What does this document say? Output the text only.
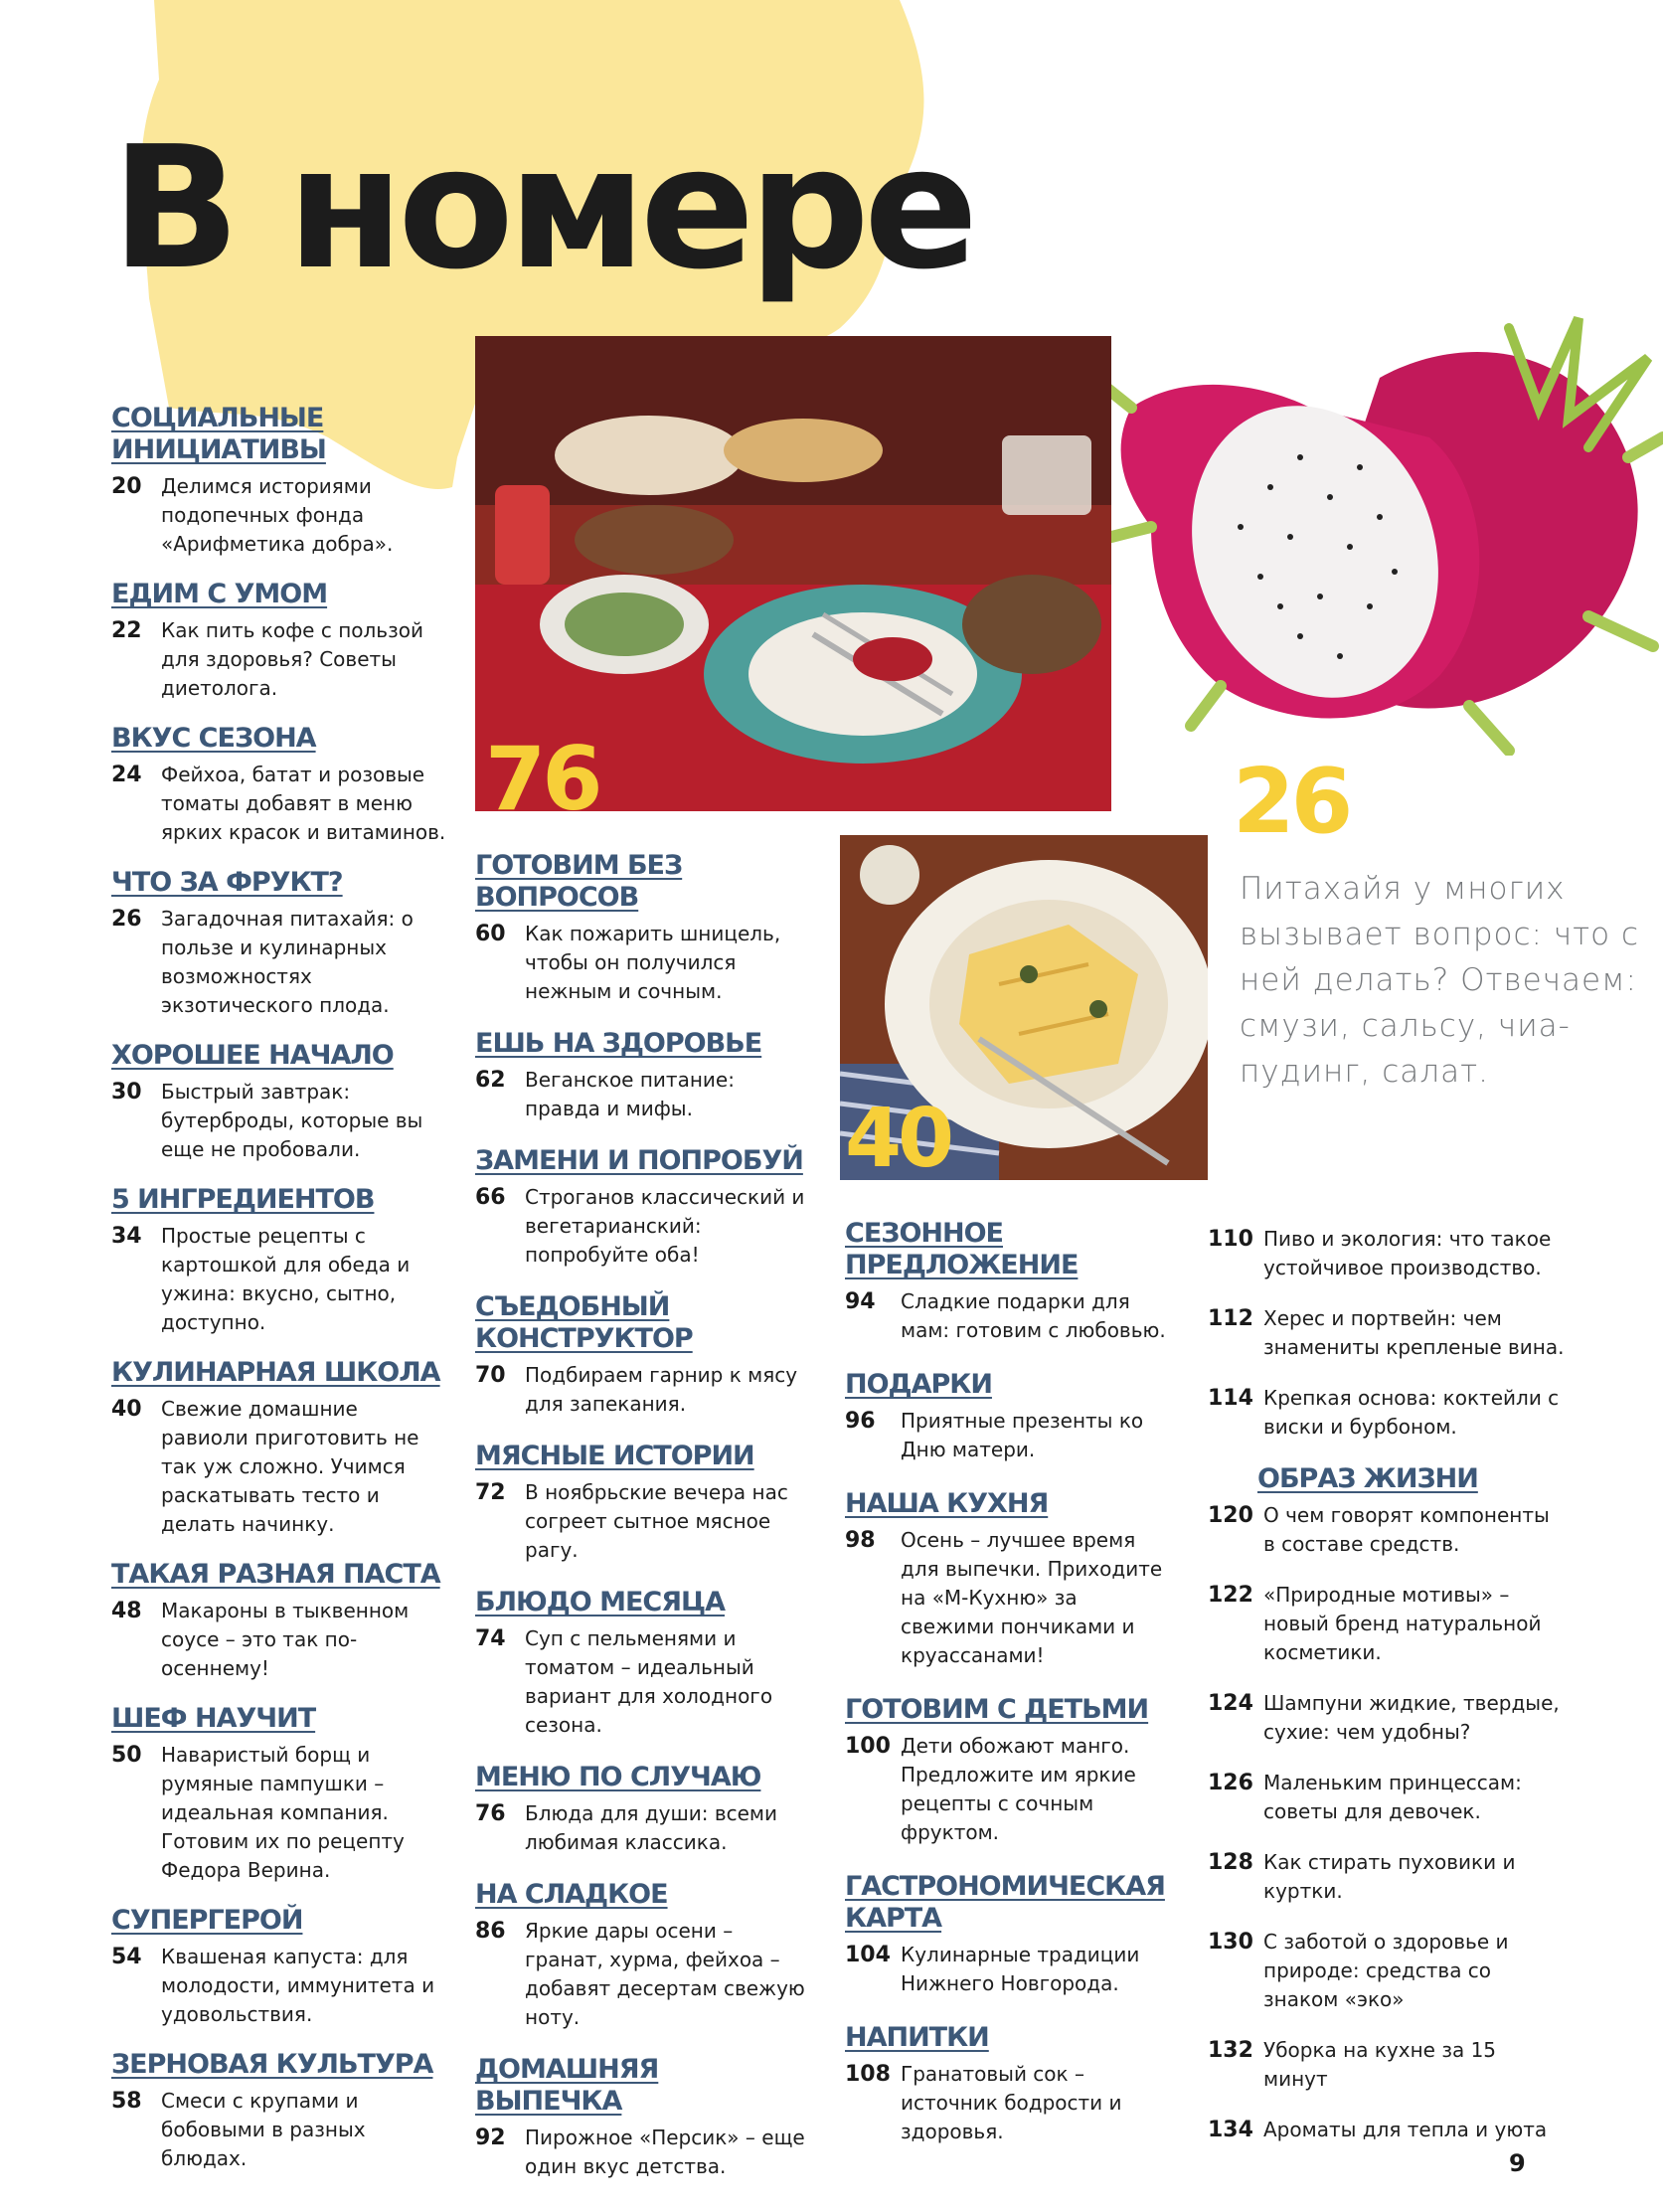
В номере
76	26

Питахайя у многих вызывает вопрос: что с ней делать? Отвечаем: смузи, сальсу, чиа-пудинг, салат.

40
СОЦИАЛЬНЫЕ ИНИЦИАТИВЫ
20 Делимся историями подопечных фонда «Арифметика добра».
ЕДИМ С УМОМ
22 Как пить кофе с пользой для здоровья? Советы диетолога.
ВКУС СЕЗОНА
24 Фейхоа, батат и розовые томаты добавят в меню ярких красок и витаминов.
ЧТО ЗА ФРУКТ?
26 Загадочная питахайя: о пользе и кулинарных возможностях экзотического плода.
ХОРОШЕЕ НАЧАЛО
30 Быстрый завтрак: бутерброды, которые вы еще не пробовали.
5 ИНГРЕДИЕНТОВ
34 Простые рецепты с картошкой для обеда и ужина: вкусно, сытно, доступно.
КУЛИНАРНАЯ ШКОЛА
40 Свежие домашние равиоли приготовить не так уж сложно. Учимся раскатывать тесто и делать начинку.
ТАКАЯ РАЗНАЯ ПАСТА
48 Макароны в тыквенном соусе – это так по-осеннему!
ШЕФ НАУЧИТ
50 Наваристый борщ и румяные пампушки – идеальная компания. Готовим их по рецепту Федора Верина.
СУПЕРГЕРОЙ
54 Квашеная капуста: для молодости, иммунитета и удовольствия.
ЗЕРНОВАЯ КУЛЬТУРА
58 Смеси с крупами и бобовыми в разных блюдах.
ГОТОВИМ БЕЗ ВОПРОСОВ
60 Как пожарить шницель, чтобы он получился нежным и сочным.
ЕШЬ НА ЗДОРОВЬЕ
62 Веганское питание: правда и мифы.
ЗАМЕНИ И ПОПРОБУЙ
66 Строганов классический и вегетарианский: попробуйте оба!
СЪЕДОБНЫЙ КОНСТРУКТОР
70 Подбираем гарнир к мясу для запекания.
МЯСНЫЕ ИСТОРИИ
72 В ноябрьские вечера нас согреет сытное мясное рагу.
БЛЮДО МЕСЯЦА
74 Суп с пельменями и томатом – идеальный вариант для холодного сезона.
МЕНЮ ПО СЛУЧАЮ
76 Блюда для души: всеми любимая классика.
НА СЛАДКОЕ
86 Яркие дары осени – гранат, хурма, фейхоа – добавят десертам свежую ноту.
ДОМАШНЯЯ ВЫПЕЧКА
92 Пирожное «Персик» – еще один вкус детства.
СЕЗОННОЕ ПРЕДЛОЖЕНИЕ
94	Сладкие подарки для мам: готовим с любовью.
ПОДАРКИ
96	Приятные презенты ко Дню матери.
НАША КУХНЯ
98	Осень – лучшее время для выпечки. Приходите на «М-Кухню» за свежими пончиками и круассанами!
ГОТОВИМ С ДЕТЬМИ
100 Дети обожают манго. Предложите им яркие рецепты с сочным фруктом.
ГАСТРОНОМИЧЕСКАЯ КАРТА
104 Кулинарные традиции Нижнего Новгорода.
НАПИТКИ
108 Гранатовый сок – источник бодрости и здоровья.
110 Пиво и экология: что такое устойчивое производство.
112 Херес и портвейн: чем знамениты крепленые вина.
114 Крепкая основа: коктейли с виски и бурбоном.
ОБРАЗ ЖИЗНИ
120 О чем говорят компоненты в составе средств.
122 «Природные мотивы» – новый бренд натуральной косметики.
124 Шампуни жидкие, твердые, сухие: чем удобны?
126 Маленьким принцессам: советы для девочек.
128 Как стирать пуховики и куртки.
130 С заботой о здоровье и природе: средства со знаком «эко»
132 Уборка на кухне за 15 минут
134 Ароматы для тепла и уюта
9
